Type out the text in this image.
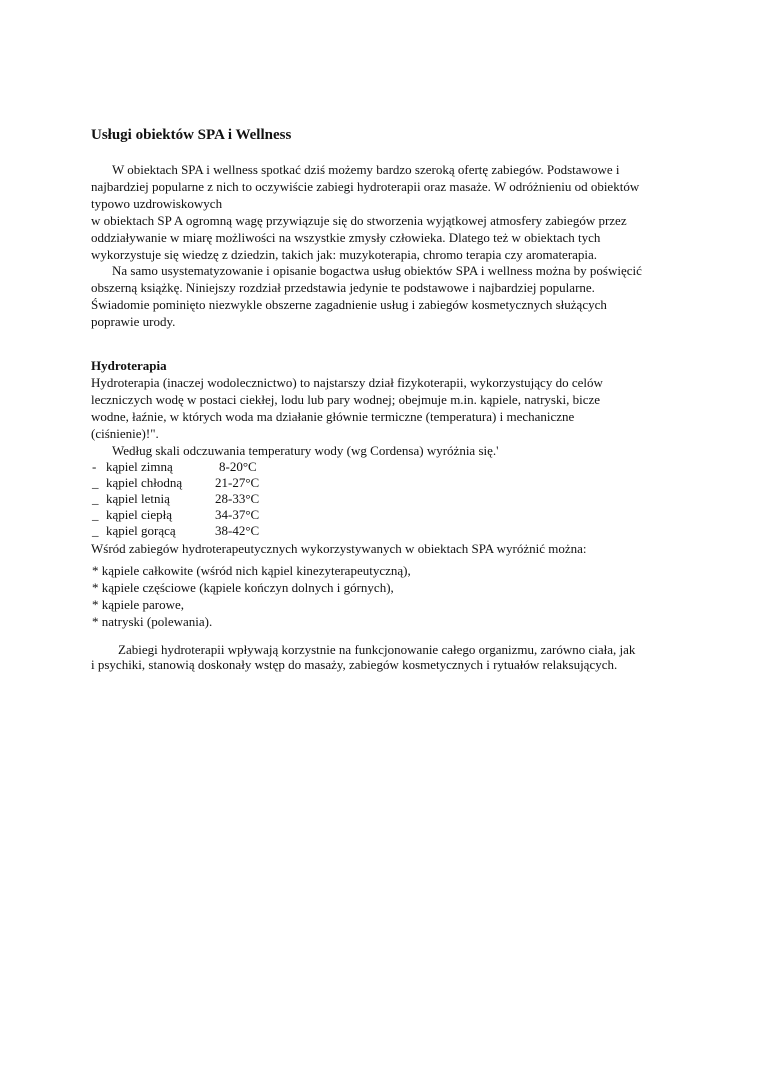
Usługi obiektów SPA i Wellness

W obiektach SPA i wellness spotkać dziś możemy bardzo szeroką ofertę zabiegów. Podstawowe i
najbardziej popularne z nich to oczywiście zabiegi hydroterapii oraz masaże. W odróżnieniu od obiektów
typowo uzdrowiskowych
w obiektach SP A ogromną wagę przywiązuje się do stworzenia wyjątkowej atmosfery zabiegów przez
oddziaływanie w miarę możliwości na wszystkie zmysły człowieka. Dlatego też w obiektach tych
wykorzystuje się wiedzę z dziedzin, takich jak: muzykoterapia, chromo terapia czy aromaterapia.
Na samo usystematyzowanie i opisanie bogactwa usług obiektów SPA i wellness można by poświęcić
obszerną książkę. Niniejszy rozdział przedstawia jedynie te podstawowe i najbardziej popularne.
Świadomie pominięto niezwykle obszerne zagadnienie usług i zabiegów kosmetycznych służących
poprawie urody.

Hydroterapia
Hydroterapia (inaczej wodolecznictwo) to najstarszy dział fizykoterapii, wykorzystujący do celów
leczniczych wodę w postaci ciekłej, lodu lub pary wodnej; obejmuje m.in. kąpiele, natryski, bicze
wodne, łaźnie, w których woda ma działanie głównie termiczne (temperatura) i mechaniczne
(ciśnienie)!".
Według skali odczuwania temperatury wody (wg Cordensa) wyróżnia się.'

- kąpiel zimną	8-20°C
_ kąpiel chłodną	21-27°C
_ kąpiel letnią	28-33°C
_ kąpiel ciepłą	34-37°C
_ kąpiel gorącą	38-42°C

Wśród zabiegów hydroterapeutycznych wykorzystywanych w obiektach SPA wyróżnić można:

* kąpiele całkowite (wśród nich kąpiel kinezyterapeutyczną),
* kąpiele częściowe (kąpiele kończyn dolnych i górnych),
* kąpiele parowe,
* natryski (polewania).

Zabiegi hydroterapii wpływają korzystnie na funkcjonowanie całego organizmu, zarówno ciała, jak
i psychiki, stanowią doskonały wstęp do masaży, zabiegów kosmetycznych i rytuałów relaksujących.
